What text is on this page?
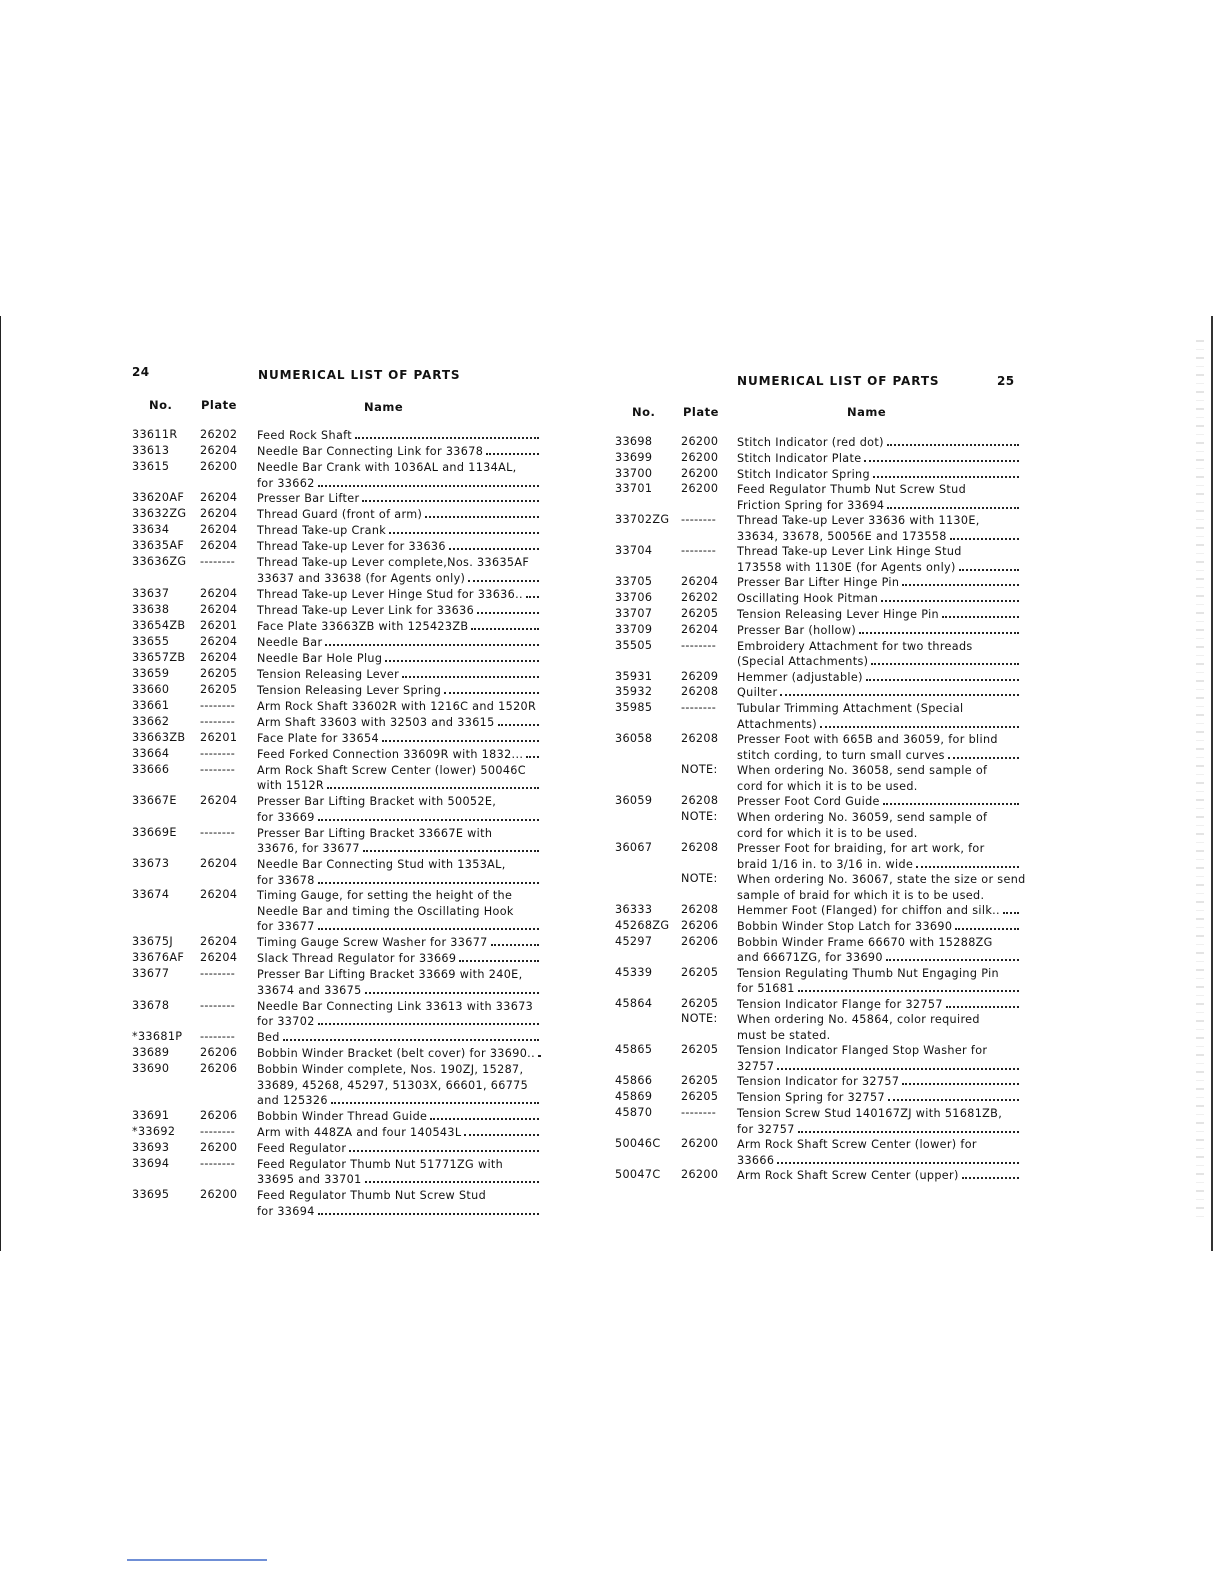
24	NUMERICAL LIST OF PARTS
No. Plate	Name
33611R	26202 Feed Rock Shaft
33613	26204 Needle Bar Connecting Link for 33678
33615	26200 Needle Bar Crank with 1036AL and 1134AL,
for 33662
33620AF	26204 Presser Bar Lifter
33632ZG	26204 Thread Guard (front of arm)
33634	26204 Thread Take-up Crank
33635AF	26204 Thread Take-up Lever for 33636
33636ZG	-------- Thread Take-up Lever complete,Nos. 33635AF
33637 and 33638 (for Agents only)
33637	26204 Thread Take-up Lever Hinge Stud for 33636..
33638	26204 Thread Take-up Lever Link for 33636
33654ZB	26201 Face Plate 33663ZB with 125423ZB
33655	26204 Needle Bar
33657ZB	26204 Needle Bar Hole Plug
33659	26205 Tension Releasing Lever
33660	26205 Tension Releasing Lever Spring
33661	-------- Arm Rock Shaft 33602R with 1216C and 1520R
33662	-------- Arm Shaft 33603 with 32503 and 33615
33663ZB	26201 Face Plate for 33654
33664	-------- Feed Forked Connection 33609R with 1832...
33666	-------- Arm Rock Shaft Screw Center (lower) 50046C
with 1512R
33667E	26204 Presser Bar Lifting Bracket with 50052E,
for 33669
33669E	-------- Presser Bar Lifting Bracket 33667E with
33676, for 33677
33673	26204 Needle Bar Connecting Stud with 1353AL,
for 33678
33674	26204 Timing Gauge, for setting the height of the
Needle Bar and timing the Oscillating Hook
for 33677
33675J	26204 Timing Gauge Screw Washer for 33677
33676AF	26204 Slack Thread Regulator for 33669
33677	-------- Presser Bar Lifting Bracket 33669 with 240E,
33674 and 33675
33678	-------- Needle Bar Connecting Link 33613 with 33673
for 33702
*33681P	-------- Bed
33689	26206 Bobbin Winder Bracket (belt cover) for 33690..
33690	26206 Bobbin Winder complete, Nos. 190ZJ, 15287,
33689, 45268, 45297, 51303X, 66601, 66775
and 125326
33691	26206 Bobbin Winder Thread Guide
*33692	-------- Arm with 448ZA and four 140543L
33693	26200 Feed Regulator
33694	-------- Feed Regulator Thumb Nut 51771ZG with
33695 and 33701
33695	26200 Feed Regulator Thumb Nut Screw Stud
for 33694
NUMERICAL LIST OF PARTS	25
No. Plate	Name
33698	26200 Stitch Indicator (red dot)
33699	26200 Stitch Indicator Plate
33700	26200 Stitch Indicator Spring
33701	26200 Feed Regulator Thumb Nut Screw Stud
Friction Spring for 33694
33702ZG	-------- Thread Take-up Lever 33636 with 1130E,
33634, 33678, 50056E and 173558
33704	-------- Thread Take-up Lever Link Hinge Stud
173558 with 1130E (for Agents only)
33705	26204 Presser Bar Lifter Hinge Pin
33706	26202 Oscillating Hook Pitman
33707	26205 Tension Releasing Lever Hinge Pin
33709	26204 Presser Bar (hollow)
35505	-------- Embroidery Attachment for two threads
(Special Attachments)
35931	26209 Hemmer (adjustable)
35932	26208 Quilter
35985	-------- Tubular Trimming Attachment (Special
Attachments)
36058	26208 Presser Foot with 665B and 36059, for blind
stitch cording, to turn small curves
NOTE: When ordering No. 36058, send sample of
cord for which it is to be used.
36059	26208 Presser Foot Cord Guide
NOTE: When ordering No. 36059, send sample of
cord for which it is to be used.
36067	26208 Presser Foot for braiding, for art work, for
braid 1/16 in. to 3/16 in. wide
NOTE: When ordering No. 36067, state the size or send
sample of braid for which it is to be used.
36333	26208 Hemmer Foot (Flanged) for chiffon and silk..
45268ZG	26206 Bobbin Winder Stop Latch for 33690
45297	26206 Bobbin Winder Frame 66670 with 15288ZG
and 66671ZG, for 33690
45339	26205 Tension Regulating Thumb Nut Engaging Pin
for 51681
45864	26205 Tension Indicator Flange for 32757
NOTE: When ordering No. 45864, color required
must be stated.
45865	26205 Tension Indicator Flanged Stop Washer for
32757
45866	26205 Tension Indicator for 32757
45869	26205 Tension Spring for 32757
45870	-------- Tension Screw Stud 140167ZJ with 51681ZB,
for 32757
50046C	26200 Arm Rock Shaft Screw Center (lower) for
33666
50047C	26200 Arm Rock Shaft Screw Center (upper)
